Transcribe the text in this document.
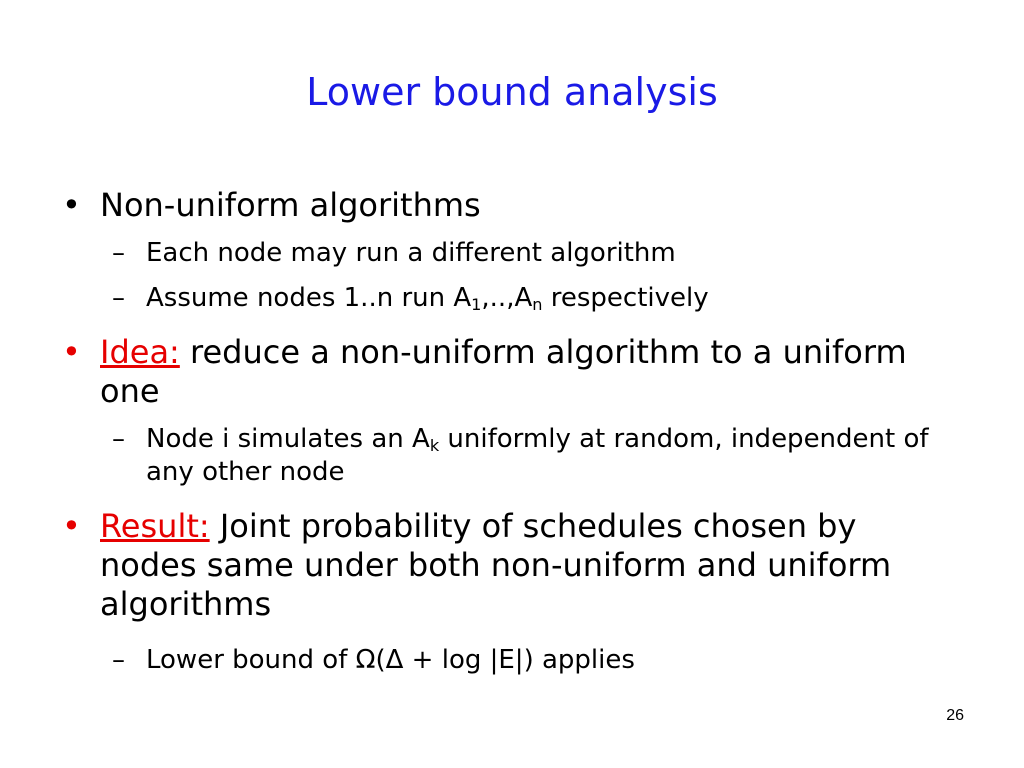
Lower bound analysis
• Non-uniform algorithms
– Each node may run a different algorithm
– Assume nodes 1..n run $A_1,..,A_n$ respectively
• Idea: reduce a non-uniform algorithm to a uniform one
– Node i simulates an $A_k$ uniformly at random, independent of any other node
• Result: Joint probability of schedules chosen by nodes same under both non-uniform and uniform algorithms
– Lower bound of Ω(Δ + log |E|) applies
26
